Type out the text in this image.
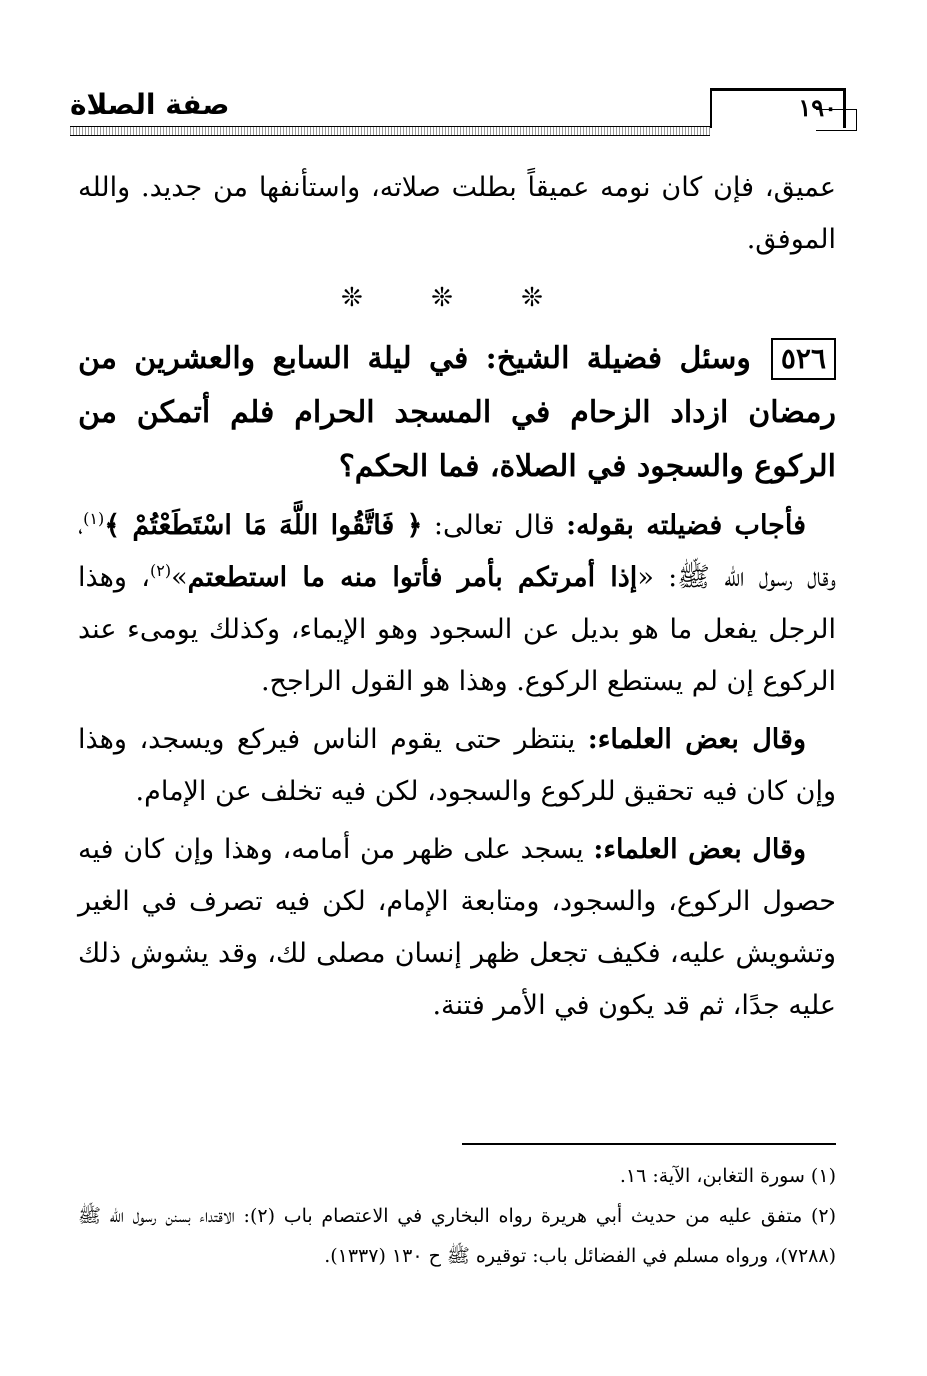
صفة الصلاة	١٩٠

عميق، فإن كان نومه عميقاً بطلت صلاته، واستأنفها من جديد. والله الموفق.

❊ ❊ ❊

٥٢٦وسئل فضيلة الشيخ: في ليلة السابع والعشرين من رمضان ازداد الزحام في المسجد الحرام فلم أتمكن من الركوع والسجود في الصلاة، فما الحكم؟

فأجاب فضيلته بقوله: قال تعالى: ﴿ فَاتَّقُوا اللَّهَ مَا اسْتَطَعْتُمْ ﴾$^{(١)}$، وقال رسول الله ﷺ: «إذا أمرتكم بأمر فأتوا منه ما استطعتم»$^{(٢)}$، وهذا الرجل يفعل ما هو بديل عن السجود وهو الإيماء، وكذلك يومىء عند الركوع إن لم يستطع الركوع. وهذا هو القول الراجح.

وقال بعض العلماء: ينتظر حتى يقوم الناس فيركع ويسجد، وهذا وإن كان فيه تحقيق للركوع والسجود، لكن فيه تخلف عن الإمام.

وقال بعض العلماء: يسجد على ظهر من أمامه، وهذا وإن كان فيه حصول الركوع، والسجود، ومتابعة الإمام، لكن فيه تصرف في الغير وتشويش عليه، فكيف تجعل ظهر إنسان مصلى لك، وقد يشوش ذلك عليه جدًا، ثم قد يكون في الأمر فتنة.

(١) سورة التغابن، الآية: ١٦.

(٢) متفق عليه من حديث أبي هريرة رواه البخاري في الاعتصام باب (٢): الاقتداء بسنن رسول الله ﷺ (٧٢٨٨)، ورواه مسلم في الفضائل باب: توقيره ﷺ ح ١٣٠ (١٣٣٧).
